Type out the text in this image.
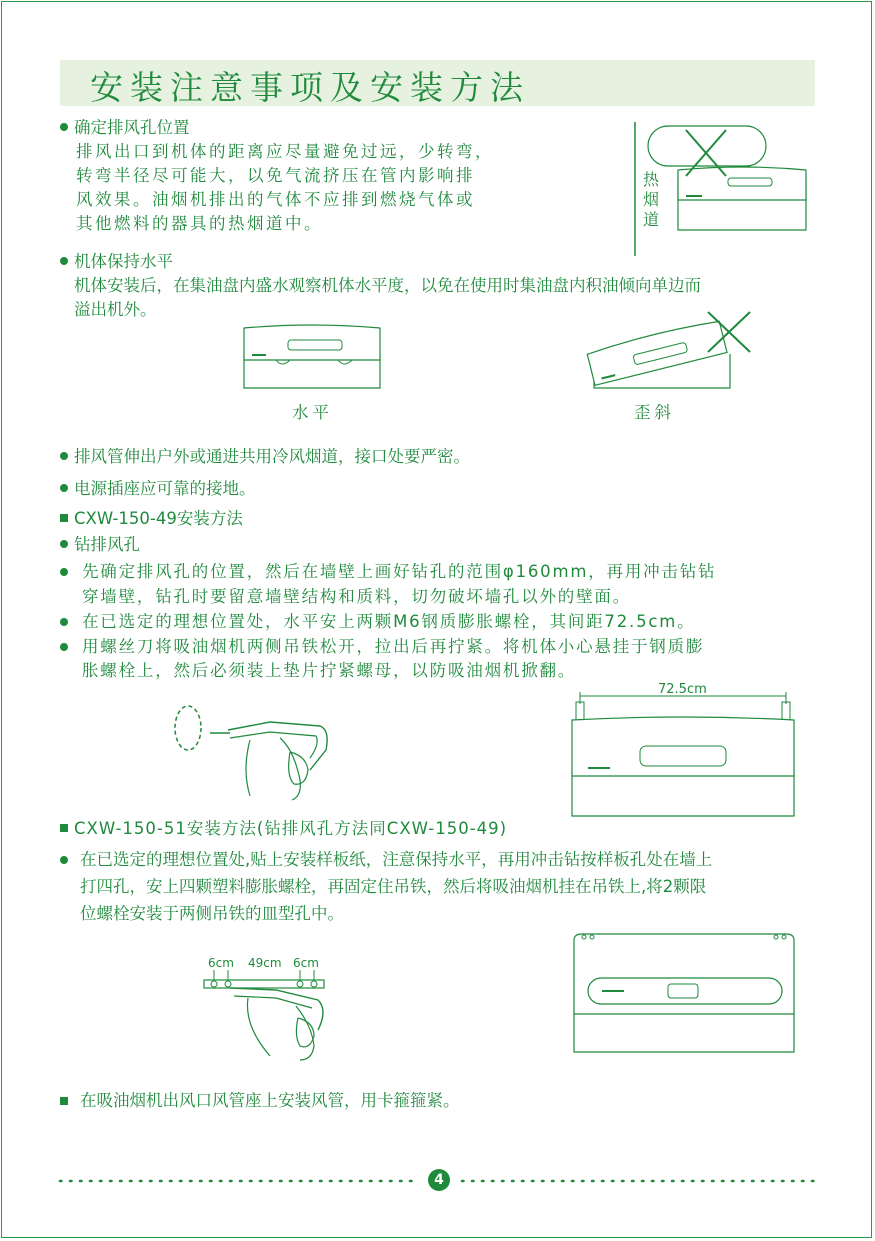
安装注意事项及安装方法
确定排风孔位置
排风出口到机体的距离应尽量避免过远，少转弯，
转弯半径尽可能大，以免气流挤压在管内影响排
风效果。油烟机排出的气体不应排到燃烧气体或
其他燃料的器具的热烟道中。
热
烟
道
机体保持水平
机体安装后，在集油盘内盛水观察机体水平度，以免在使用时集油盘内积油倾向单边而
溢出机外。
水平	歪斜
排风管伸出户外或通进共用冷风烟道，接口处要严密。
电源插座应可靠的接地。
CXW-150-49安装方法
钻排风孔
先确定排风孔的位置，然后在墙壁上画好钻孔的范围φ160mm，再用冲击钻钻
穿墙壁，钻孔时要留意墙壁结构和质料，切勿破坏墙孔以外的壁面。
在已选定的理想位置处，水平安上两颗M6钢质膨胀螺栓，其间距72.5cm。
用螺丝刀将吸油烟机两侧吊铁松开，拉出后再拧紧。将机体小心悬挂于钢质膨
胀螺栓上，然后必须装上垫片拧紧螺母，以防吸油烟机掀翻。
72.5cm
CXW-150-51安装方法(钻排风孔方法同CXW-150-49)
在已选定的理想位置处,贴上安装样板纸，注意保持水平，再用冲击钻按样板孔处在墙上
打四孔，安上四颗塑料膨胀螺栓，再固定住吊铁，然后将吸油烟机挂在吊铁上,将2颗限
位螺栓安装于两侧吊铁的皿型孔中。
6cm 49cm 6cm
在吸油烟机出风口风管座上安装风管，用卡箍箍紧。
4
